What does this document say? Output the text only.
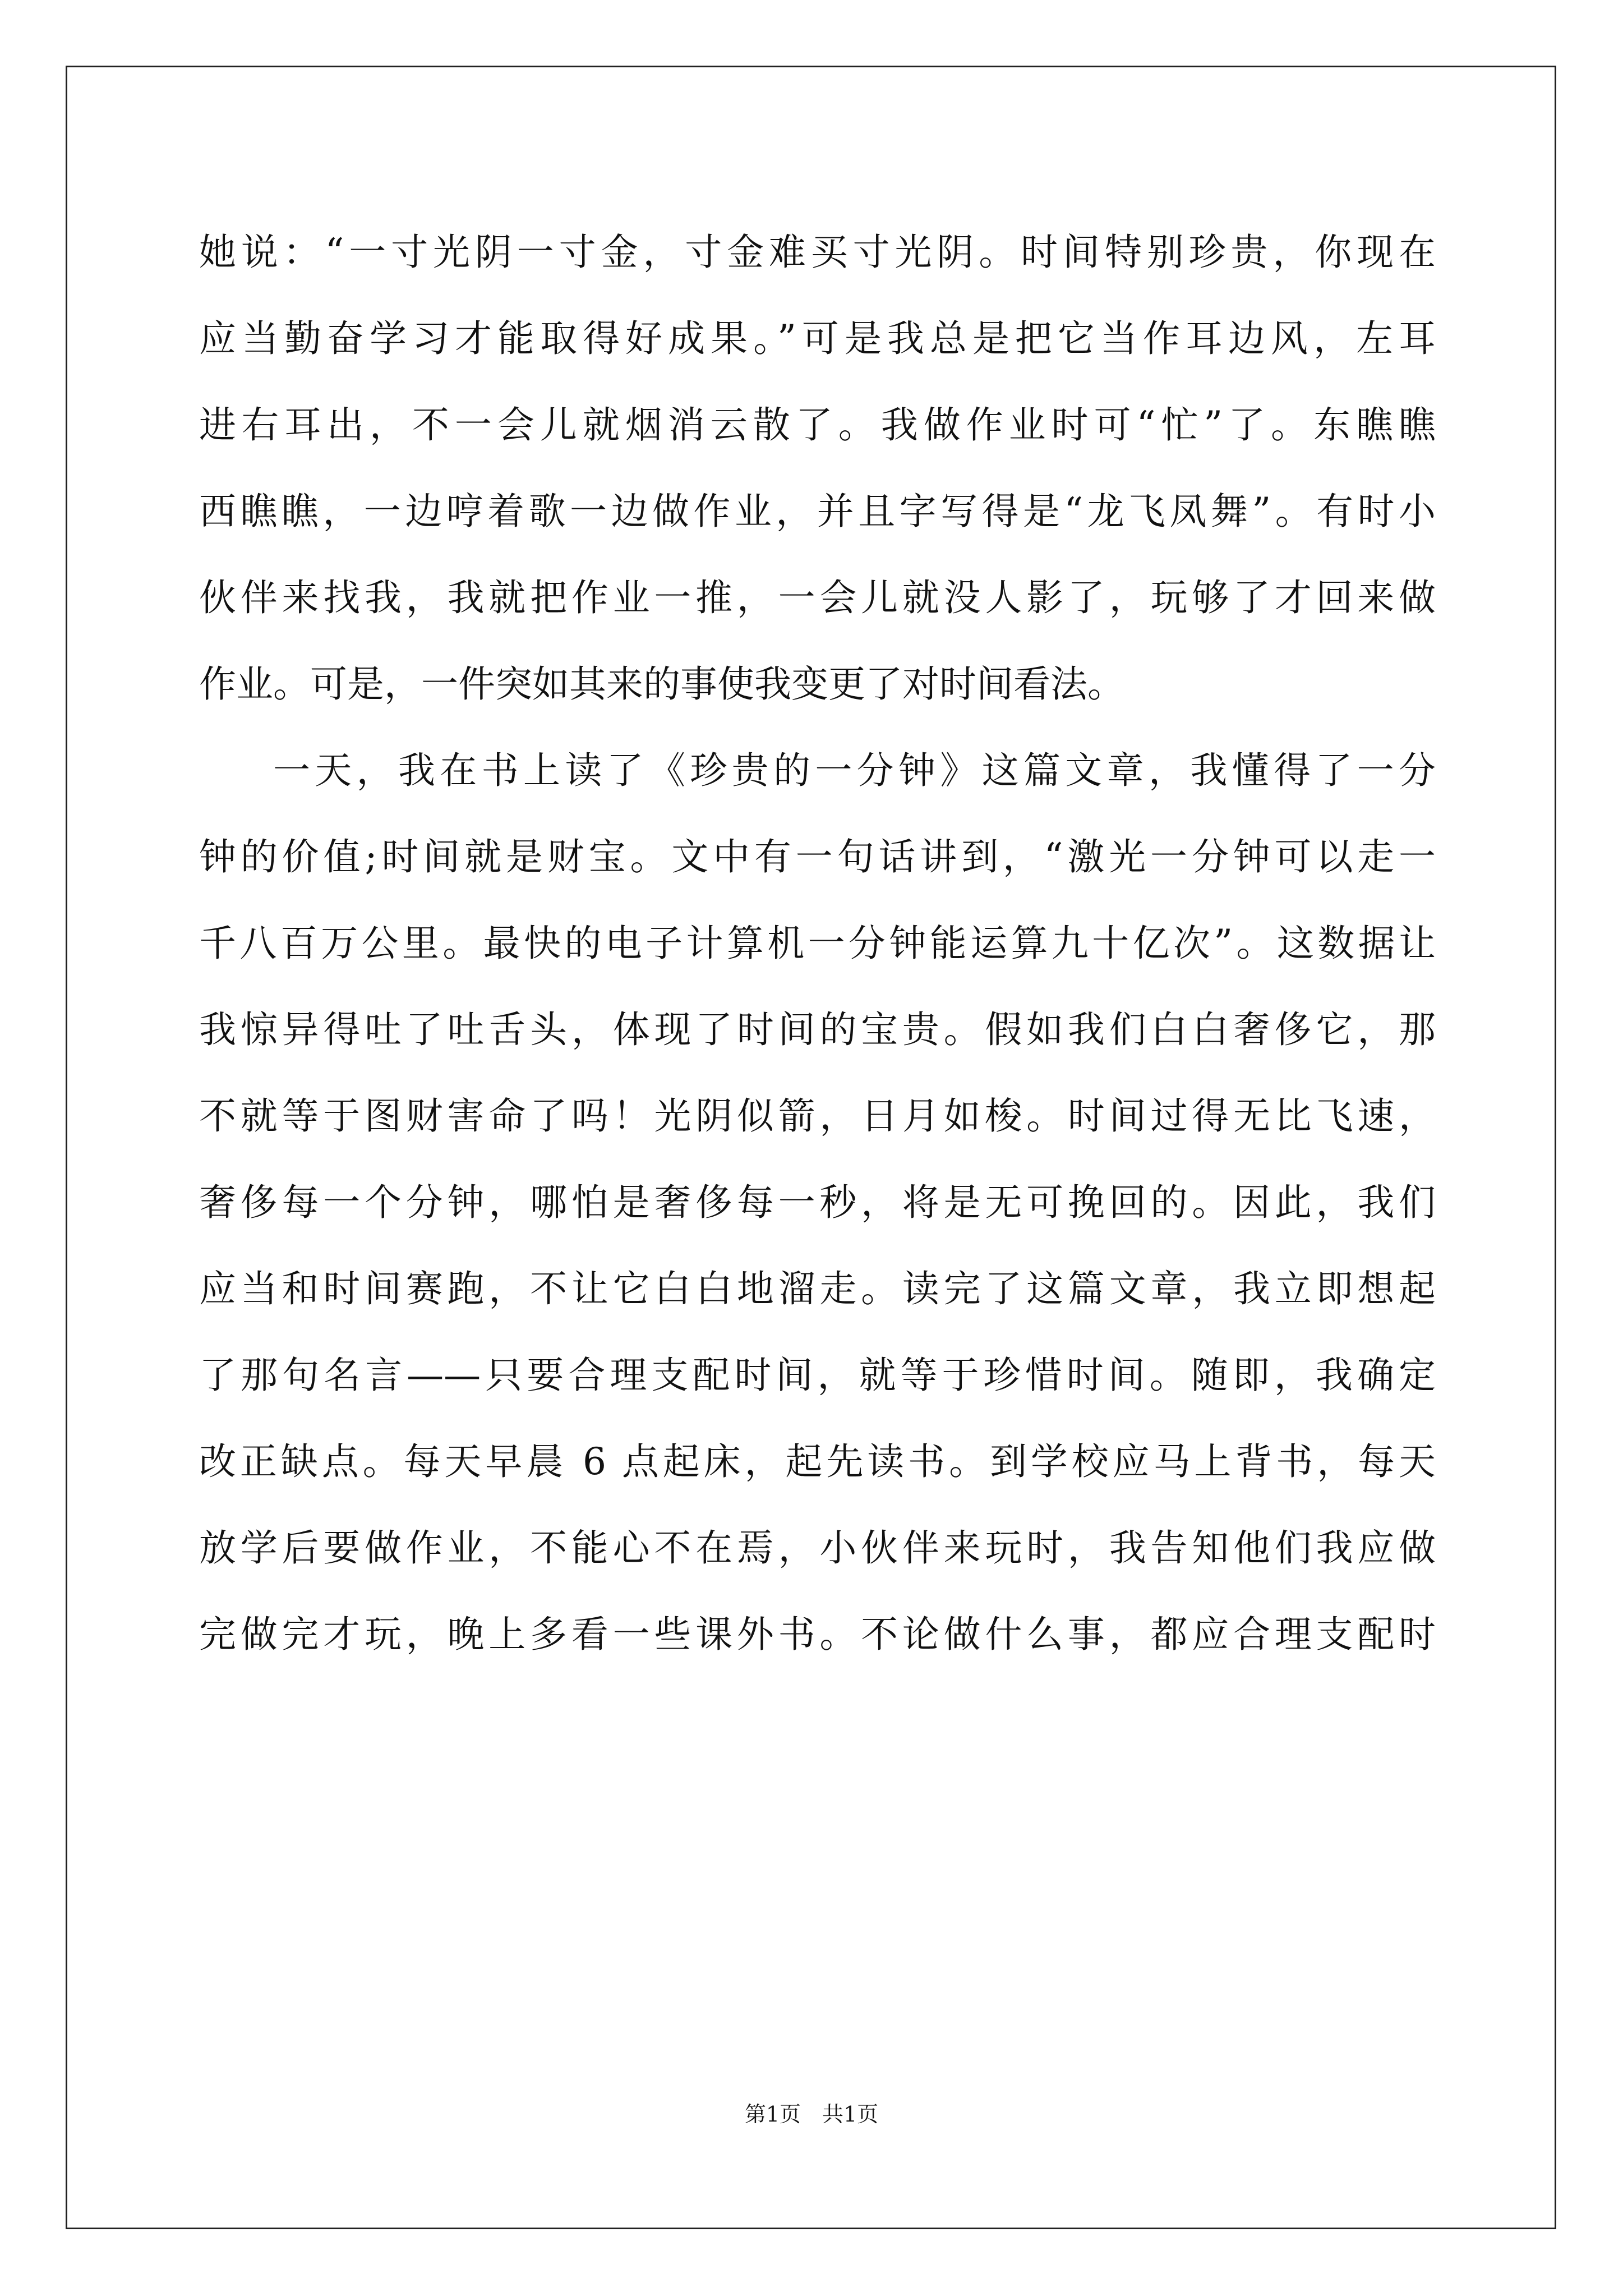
她说：“一寸光阴一寸金，寸金难买寸光阴。时间特别珍贵，你现在
应当勤奋学习才能取得好成果。”可是我总是把它当作耳边风，左耳
进右耳出，不一会儿就烟消云散了。我做作业时可“忙”了。东瞧瞧
西瞧瞧，一边哼着歌一边做作业，并且字写得是“龙飞凤舞”。有时小
伙伴来找我，我就把作业一推，一会儿就没人影了，玩够了才回来做
作业。可是，一件突如其来的事使我变更了对时间看法。
一天，我在书上读了《珍贵的一分钟》这篇文章，我懂得了一分
钟的价值;时间就是财宝。文中有一句话讲到，“激光一分钟可以走一
千八百万公里。最快的电子计算机一分钟能运算九十亿次”。这数据让
我惊异得吐了吐舌头，体现了时间的宝贵。假如我们白白奢侈它，那
不就等于图财害命了吗！光阴似箭，日月如梭。时间过得无比飞速，
奢侈每一个分钟，哪怕是奢侈每一秒，将是无可挽回的。因此，我们
应当和时间赛跑，不让它白白地溜走。读完了这篇文章，我立即想起
了那句名言——只要合理支配时间，就等于珍惜时间。随即，我确定
改正缺点。每天早晨 6 点起床，起先读书。到学校应马上背书，每天
放学后要做作业，不能心不在焉，小伙伴来玩时，我告知他们我应做
完做完才玩，晚上多看一些课外书。不论做什么事，都应合理支配时
第1页　共1页
